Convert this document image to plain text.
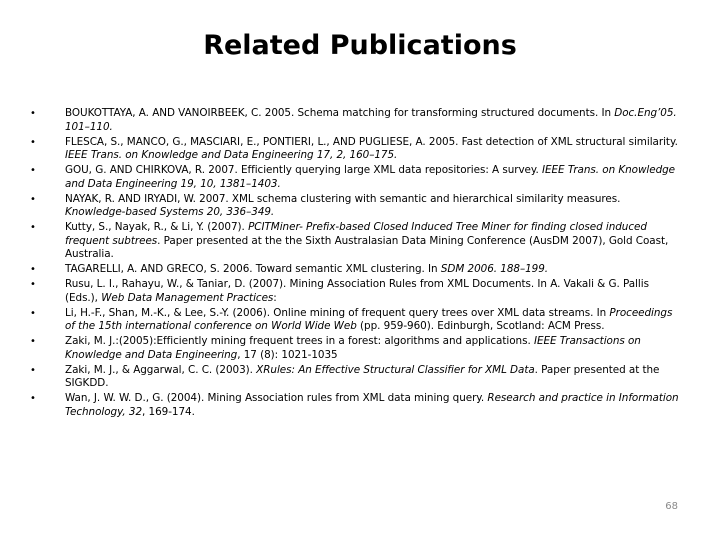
Related Publications
•	BOUKOTTAYA, A. AND VANOIRBEEK, C. 2005. Schema matching for transforming structured documents. In Doc.Eng’05. 101–110.
•	FLESCA, S., MANCO, G., MASCIARI, E., PONTIERI, L., AND PUGLIESE, A. 2005. Fast detection of XML structural similarity. IEEE Trans. on Knowledge and Data Engineering 17, 2, 160–175.
•	GOU, G. AND CHIRKOVA, R. 2007. Efficiently querying large XML data repositories: A survey. IEEE Trans. on Knowledge and Data Engineering 19, 10, 1381–1403.
•	NAYAK, R. AND IRYADI, W. 2007. XML schema clustering with semantic and hierarchical similarity measures. Knowledge-based Systems 20, 336–349.
•	Kutty, S., Nayak, R., & Li, Y. (2007). PCITMiner- Prefix-based Closed Induced Tree Miner for finding closed induced frequent subtrees. Paper presented at the the Sixth Australasian Data Mining Conference (AusDM 2007), Gold Coast, Australia.
•	TAGARELLI, A. AND GRECO, S. 2006. Toward semantic XML clustering. In SDM 2006. 188–199.
•	Rusu, L. I., Rahayu, W., & Taniar, D. (2007). Mining Association Rules from XML Documents. In A. Vakali & G. Pallis (Eds.), Web Data Management Practices:
•	Li, H.-F., Shan, M.-K., & Lee, S.-Y. (2006). Online mining of frequent query trees over XML data streams. In Proceedings of the 15th international conference on World Wide Web (pp. 959-960). Edinburgh, Scotland: ACM Press.
•	Zaki, M. J.:(2005):Efficiently mining frequent trees in a forest: algorithms and applications. IEEE Transactions on Knowledge and Data Engineering, 17 (8): 1021-1035
•	Zaki, M. J., & Aggarwal, C. C. (2003). XRules: An Effective Structural Classifier for XML Data. Paper presented at the SIGKDD.
•	Wan, J. W. W. D., G. (2004). Mining Association rules from XML data mining query. Research and practice in Information Technology, 32, 169-174.
68
